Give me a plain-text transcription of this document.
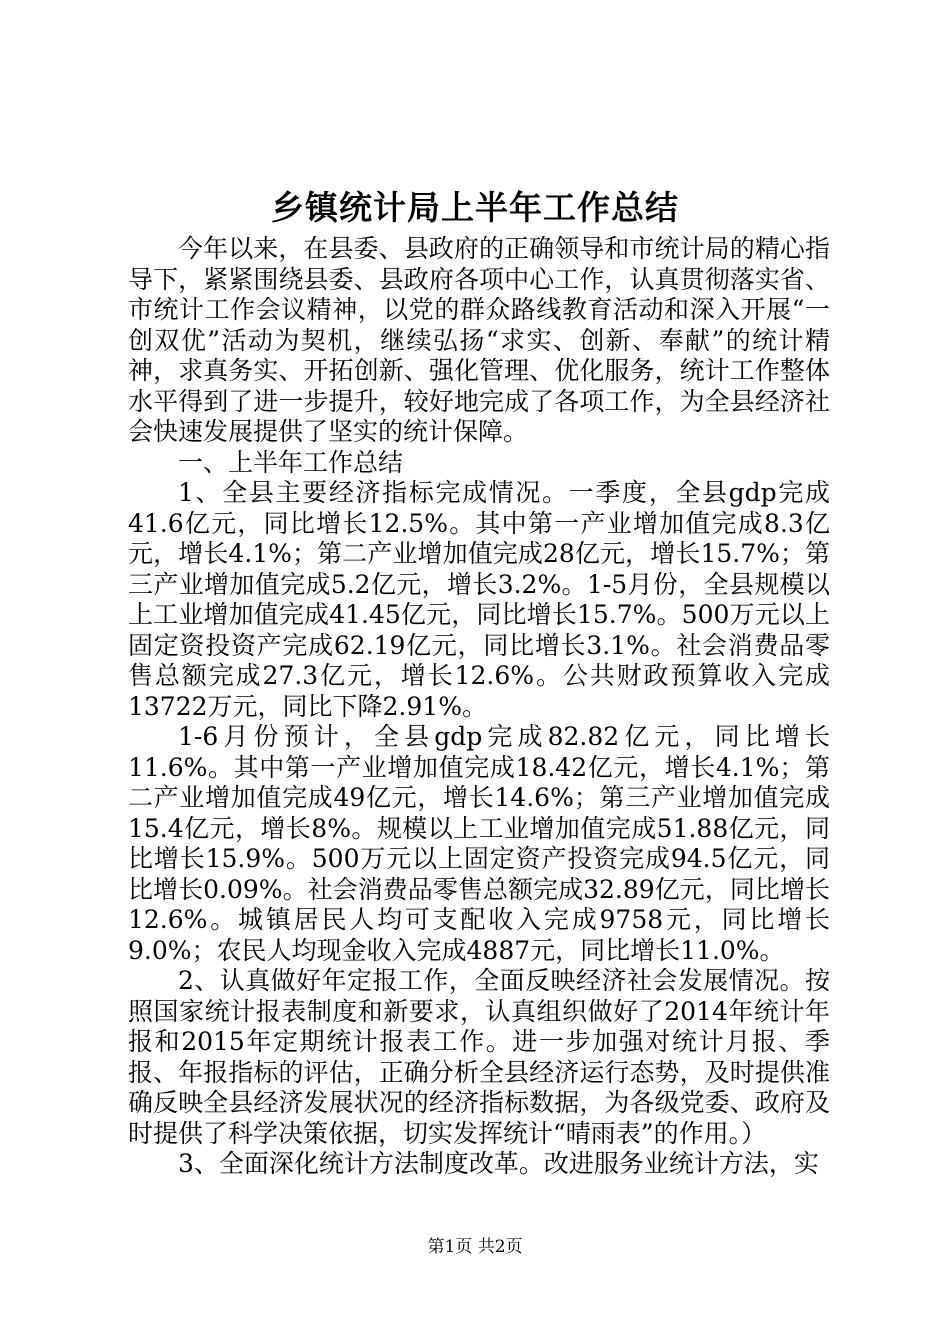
乡镇统计局上半年工作总结

今年以来，在县委、县政府的正确领导和市统计局的精心指导下，紧紧围绕县委、县政府各项中心工作，认真贯彻落实省、市统计工作会议精神，以党的群众路线教育活动和深入开展“一创双优”活动为契机，继续弘扬“求实、创新、奉献”的统计精神，求真务实、开拓创新、强化管理、优化服务，统计工作整体水平得到了进一步提升，较好地完成了各项工作，为全县经济社会快速发展提供了坚实的统计保障。

一、上半年工作总结

1、全县主要经济指标完成情况。一季度，全县gdp完成41.6亿元，同比增长12.5%。其中第一产业增加值完成8.3亿元，增长4.1%；第二产业增加值完成28亿元，增长15.7%；第三产业增加值完成5.2亿元，增长3.2%。1-5月份，全县规模以上工业增加值完成41.45亿元，同比增长15.7%。500万元以上固定资投资产完成62.19亿元，同比增长3.1%。社会消费品零售总额完成27.3亿元，增长12.6%。公共财政预算收入完成13722万元，同比下降2.91%。

1-6月份预计，全县gdp完成82.82亿元，同比增长11.6%。其中第一产业增加值完成18.42亿元，增长4.1%；第二产业增加值完成49亿元，增长14.6%；第三产业增加值完成15.4亿元，增长8%。规模以上工业增加值完成51.88亿元，同比增长15.9%。500万元以上固定资产投资完成94.5亿元，同比增长0.09%。社会消费品零售总额完成32.89亿元，同比增长12.6%。城镇居民人均可支配收入完成9758元，同比增长9.0%；农民人均现金收入完成4887元，同比增长11.0%。

2、认真做好年定报工作，全面反映经济社会发展情况。按照国家统计报表制度和新要求，认真组织做好了2014年统计年报和2015年定期统计报表工作。进一步加强对统计月报、季报、年报指标的评估，正确分析全县经济运行态势，及时提供准确反映全县经济发展状况的经济指标数据，为各级党委、政府及时提供了科学决策依据，切实发挥统计“晴雨表”的作用。）

3、全面深化统计方法制度改革。改进服务业统计方法，实

第1页 共2页
